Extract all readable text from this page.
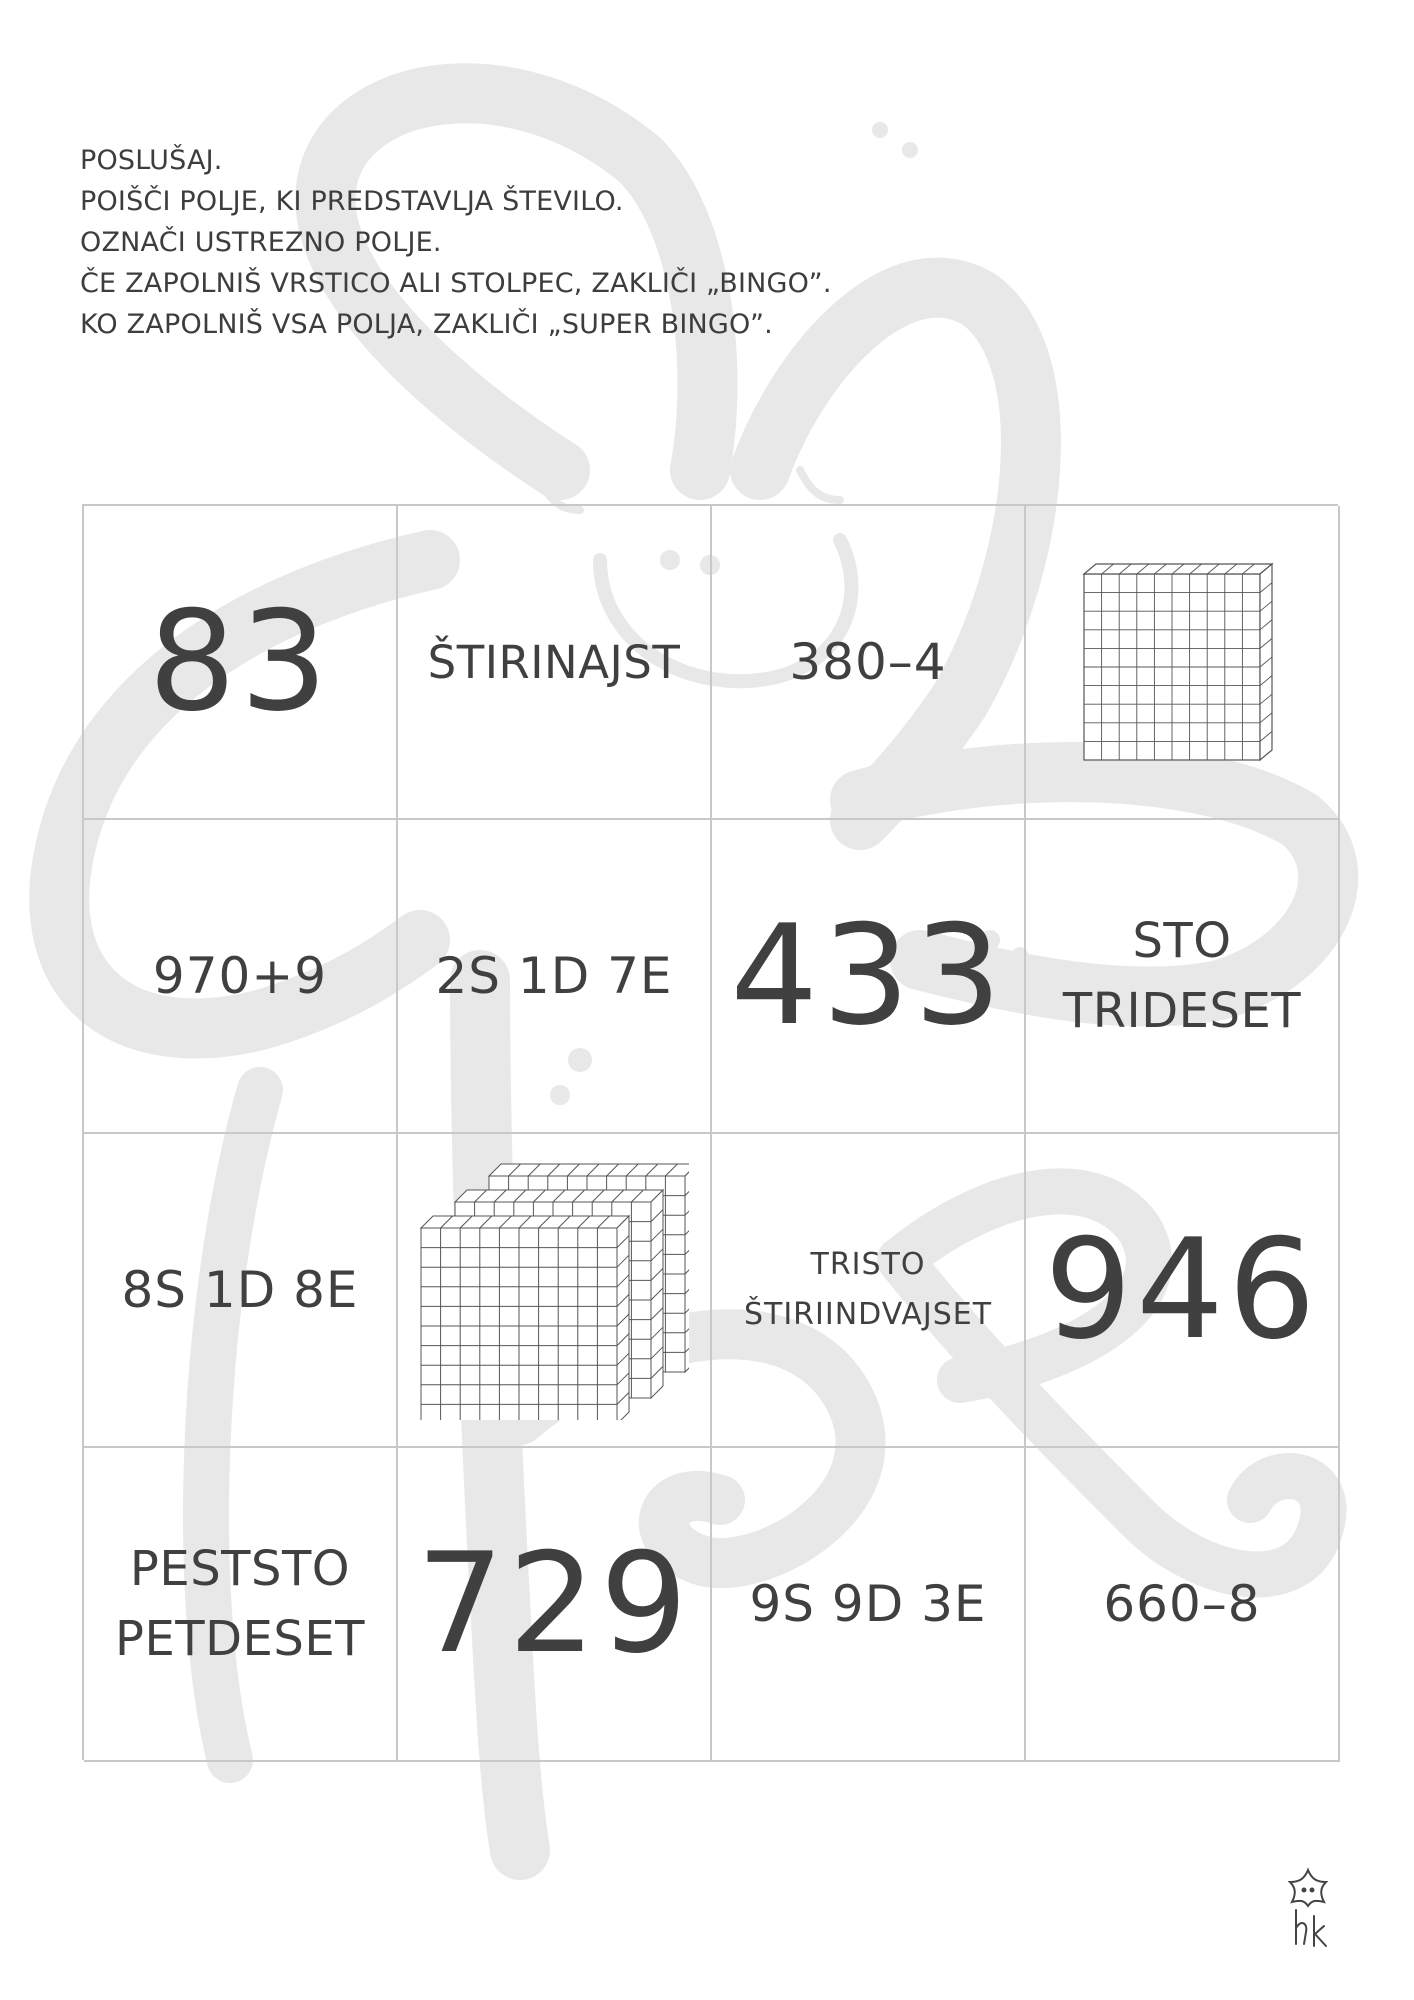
POSLUŠAJ.
POIŠČI POLJE, KI PREDSTAVLJA ŠTEVILO.
OZNAČI USTREZNO POLJE.
ČE ZAPOLNIŠ VRSTICO ALI STOLPEC, ZAKLIČI „BINGO”.
KO ZAPOLNIŠ VSA POLJA, ZAKLIČI „SUPER BINGO”.
83 ŠTIRINAJST 380–4
970+9 2S 1D 7E 433	STO
TRIDESET
8S 1D 8E	TRISTO
ŠTIRIINDVAJSET 946
PESTSTO
PETDESET 729 9S 9D 3E 660–8
